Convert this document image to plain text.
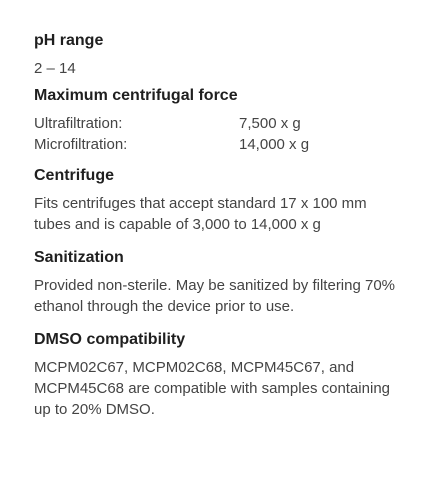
pH range
2 – 14
Maximum centrifugal force
Ultrafiltration:	7,500 x g
Microfiltration:	14,000 x g
Centrifuge
Fits centrifuges that accept standard 17 x 100 mm tubes and is capable of 3,000 to 14,000 x g
Sanitization
Provided non-sterile. May be sanitized by filtering 70% ethanol through the device prior to use.
DMSO compatibility
MCPM02C67, MCPM02C68, MCPM45C67, and MCPM45C68 are compatible with samples containing up to 20% DMSO.
